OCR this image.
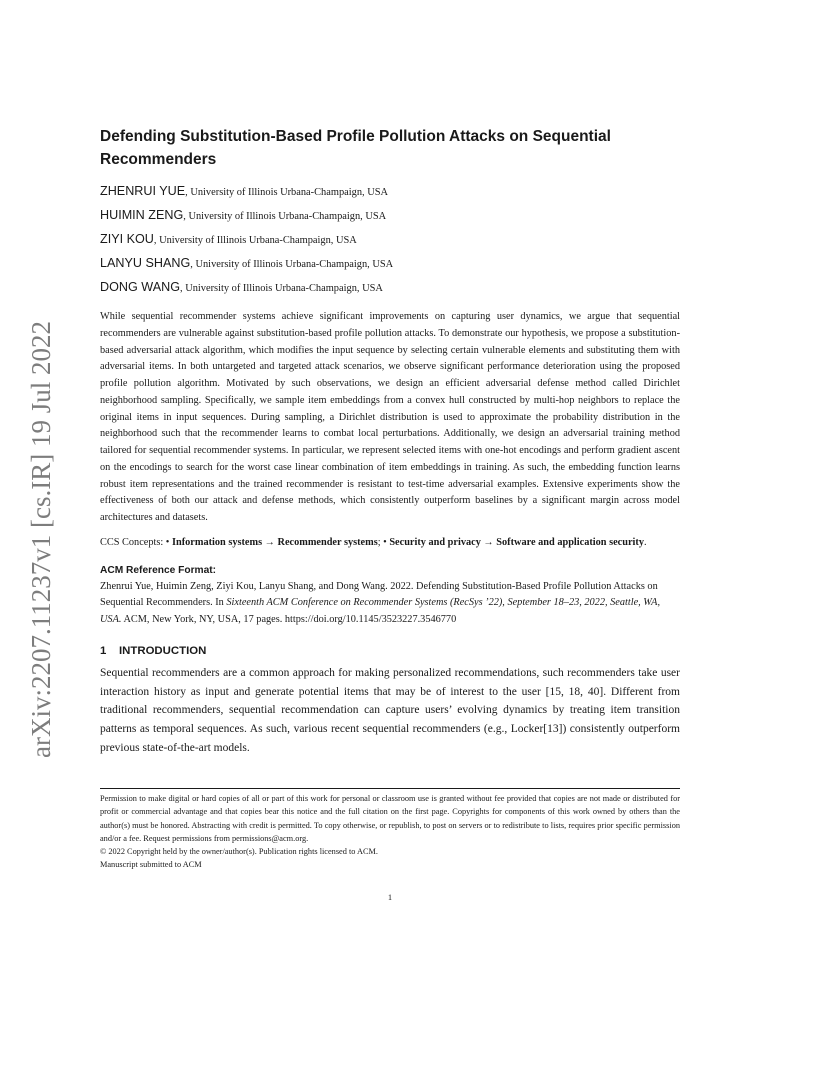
arXiv:2207.11237v1 [cs.IR] 19 Jul 2022
Defending Substitution-Based Profile Pollution Attacks on Sequential Recommenders
ZHENRUI YUE, University of Illinois Urbana-Champaign, USA
HUIMIN ZENG, University of Illinois Urbana-Champaign, USA
ZIYI KOU, University of Illinois Urbana-Champaign, USA
LANYU SHANG, University of Illinois Urbana-Champaign, USA
DONG WANG, University of Illinois Urbana-Champaign, USA

While sequential recommender systems achieve significant improvements on capturing user dynamics, we argue that sequential recommenders are vulnerable against substitution-based profile pollution attacks. To demonstrate our hypothesis, we propose a substitution-based adversarial attack algorithm, which modifies the input sequence by selecting certain vulnerable elements and substituting them with adversarial items. In both untargeted and targeted attack scenarios, we observe significant performance deterioration using the proposed profile pollution algorithm. Motivated by such observations, we design an efficient adversarial defense method called Dirichlet neighborhood sampling. Specifically, we sample item embeddings from a convex hull constructed by multi-hop neighbors to replace the original items in input sequences. During sampling, a Dirichlet distribution is used to approximate the probability distribution in the neighborhood such that the recommender learns to combat local perturbations. Additionally, we design an adversarial training method tailored for sequential recommender systems. In particular, we represent selected items with one-hot encodings and perform gradient ascent on the encodings to search for the worst case linear combination of item embeddings in training. As such, the embedding function learns robust item representations and the trained recommender is resistant to test-time adversarial examples. Extensive experiments show the effectiveness of both our attack and defense methods, which consistently outperform baselines by a significant margin across model architectures and datasets.

CCS Concepts: • Information systems → Recommender systems; • Security and privacy → Software and application security.

ACM Reference Format:

Zhenrui Yue, Huimin Zeng, Ziyi Kou, Lanyu Shang, and Dong Wang. 2022. Defending Substitution-Based Profile Pollution Attacks on Sequential Recommenders. In Sixteenth ACM Conference on Recommender Systems (RecSys ’22), September 18–23, 2022, Seattle, WA, USA. ACM, New York, NY, USA, 17 pages. https://doi.org/10.1145/3523227.3546770

1 INTRODUCTION

Sequential recommenders are a common approach for making personalized recommendations, such recommenders take user interaction history as input and generate potential items that may be of interest to the user [15, 18, 40]. Different from traditional recommenders, sequential recommendation can capture users’ evolving dynamics by treating item transition patterns as temporal sequences. As such, various recent sequential recommenders (e.g., Locker[13]) consistently outperform previous state-of-the-art models.

Permission to make digital or hard copies of all or part of this work for personal or classroom use is granted without fee provided that copies are not made or distributed for profit or commercial advantage and that copies bear this notice and the full citation on the first page. Copyrights for components of this work owned by others than the author(s) must be honored. Abstracting with credit is permitted. To copy otherwise, or republish, to post on servers or to redistribute to lists, requires prior specific permission and/or a fee. Request permissions from permissions@acm.org.

© 2022 Copyright held by the owner/author(s). Publication rights licensed to ACM.

Manuscript submitted to ACM

1
